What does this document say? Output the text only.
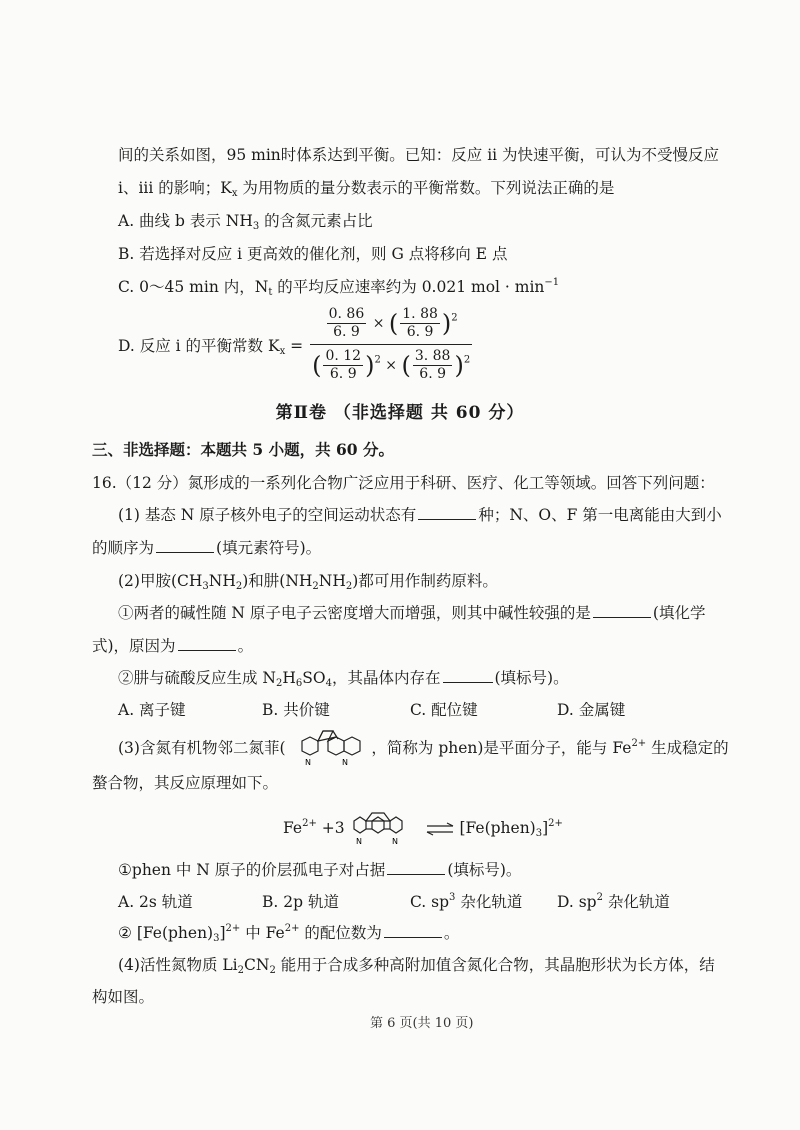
间的关系如图，95 min时体系达到平衡。已知：反应 ii 为快速平衡，可认为不受慢反应
i、iii 的影响；$K_x$ 为用物质的量分数表示的平衡常数。下列说法正确的是
A. 曲线 b 表示 $NH_3$ 的含氮元素占比
B. 若选择对反应 i 更高效的催化剂，则 G 点将移向 E 点
C. 0～45 min 内，$N_t$ 的平均反应速率约为 0.021 mol · $\min^{-1}$
D. 反应 i 的平衡常数 $K_x = \frac{\frac{0. 86}{6. 9} \times ( \frac{1. 88}{6. 9} )^2}{( \frac{0. 12}{6. 9} )^2 \times ( \frac{3. 88}{6. 9} )^2}$
第Ⅱ卷 （非选择题 共 60 分）
三、非选择题：本题共 5 小题，共 60 分。
16.（12 分）氮形成的一系列化合物广泛应用于科研、医疗、化工等领域。回答下列问题：
(1) 基态 N 原子核外电子的空间运动状态有	种；N、O、F 第一电离能由大到小
的顺序为	(填元素符号)。
(2)甲胺$(CH_3NH_2)$和肼$(NH_2NH_2)$都可用作制药原料。
①两者的碱性随 N 原子电子云密度增大而增强，则其中碱性较强的是	(填化学
式)，原因为	。
②肼与硫酸反应生成 $N_2H_6SO_4$，其晶体内存在	(填标号)。
A. 离子键	B. 共价键	C. 配位键	D. 金属键
(3)含氮有机物邻二氮菲(
N	N
，简称为 phen)是平面分子，能与 $Fe^{2+}$ 生成稳定的
螯合物，其反应原理如下。
$Fe^{2+} +3$
N	N
⇌ $[Fe(phen)_3]^{2+}$
①phen 中 N 原子的价层孤电子对占据	(填标号)。
A. 2s 轨道	B. 2p 轨道	C. $sp^3$ 杂化轨道 D. $sp^2$ 杂化轨道
② $[Fe(phen)_3]^{2+}$ 中 $Fe^{2+}$ 的配位数为	。
(4)活性氮物质 $Li_2CN_2$ 能用于合成多种高附加值含氮化合物，其晶胞形状为长方体，结
构如图。
第 6 页(共 10 页)
